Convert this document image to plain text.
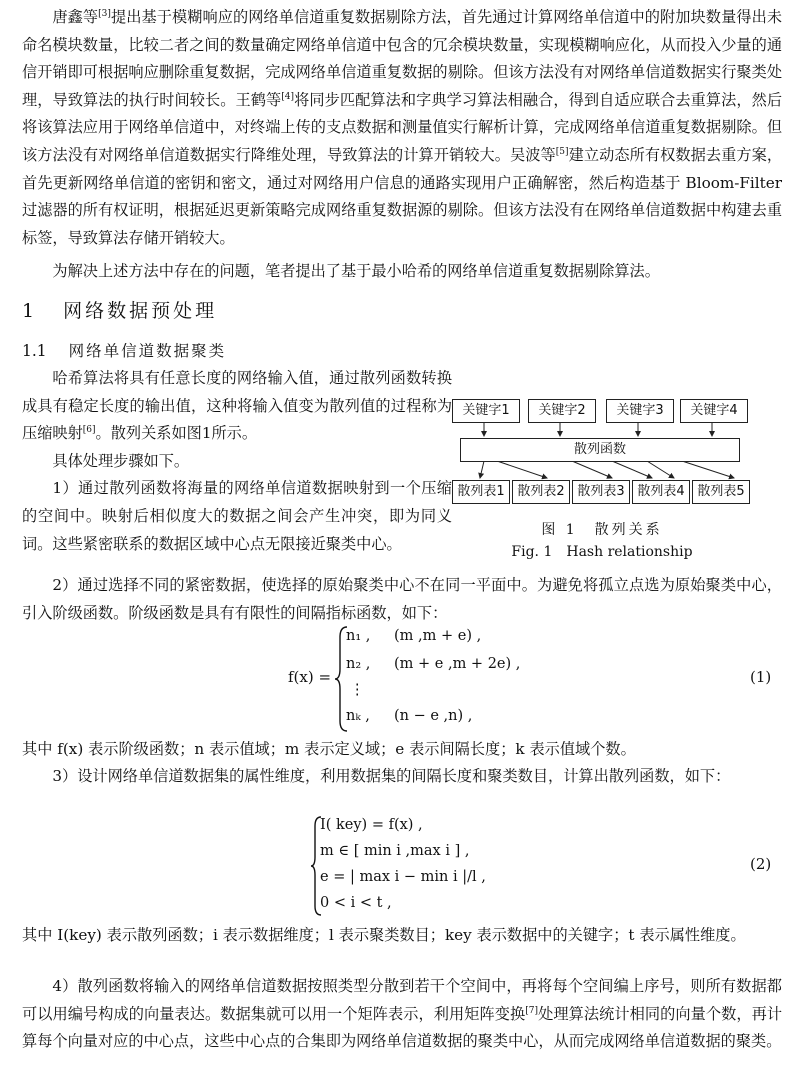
唐鑫等[3]提出基于模糊响应的网络单信道重复数据剔除方法，首先通过计算网络单信道中的附加块数量得出未命名模块数量，比较二者之间的数量确定网络单信道中包含的冗余模块数量，实现模糊响应化，从而投入少量的通信开销即可根据响应删除重复数据，完成网络单信道重复数据的剔除。但该方法没有对网络单信道数据实行聚类处理，导致算法的执行时间较长。王鹤等[4]将同步匹配算法和字典学习算法相融合，得到自适应联合去重算法，然后将该算法应用于网络单信道中，对终端上传的支点数据和测量值实行解析计算，完成网络单信道重复数据剔除。但该方法没有对网络单信道数据实行降维处理，导致算法的计算开销较大。吴波等[5]建立动态所有权数据去重方案，首先更新网络单信道的密钥和密文，通过对网络用户信息的通路实现用户正确解密，然后构造基于 Bloom-Filter 过滤器的所有权证明，根据延迟更新策略完成网络重复数据源的剔除。但该方法没有在网络单信道数据中构建去重标签，导致算法存储开销较大。
为解决上述方法中存在的问题，笔者提出了基于最小哈希的网络单信道重复数据剔除算法。
1 网络数据预处理
1.1 网络单信道数据聚类
哈希算法将具有任意长度的网络输入值，通过散列函数转换成具有稳定长度的输出值，这种将输入值变为散列值的过程称为压缩映射[6]。散列关系如图1所示。
具体处理步骤如下。
1）通过散列函数将海量的网络单信道数据映射到一个压缩的空间中。映射后相似度大的数据之间会产生冲突，即为同义词。这些紧密联系的数据区域中心点无限接近聚类中心。
关键字1	关键字2	关键字3	关键字4
散列函数
散列表1 散列表2 散列表3 散列表4 散列表5
图 1　散列关系
Fig. 1　Hash relationship
2）通过选择不同的紧密数据，使选择的原始聚类中心不在同一平面中。为避免将孤立点选为原始聚类中心，引入阶级函数。阶级函数是具有有限性的间隔指标函数，如下：
f(x) =
n₁ , (m ,m + e) ,
n₂ , (m + e ,m + 2e) ,
⋮
nₖ , (n − e ,n) ,
(1)
其中 f(x) 表示阶级函数；n 表示值域；m 表示定义域；e 表示间隔长度；k 表示值域个数。
3）设计网络单信道数据集的属性维度，利用数据集的间隔长度和聚类数目，计算出散列函数，如下：
I( key) = f(x) ,
m ∈ [ min i ,max i ] ,
e = | max i − min i |/l ,
0 < i < t ,
(2)
其中 I(key) 表示散列函数；i 表示数据维度；l 表示聚类数目；key 表示数据中的关键字；t 表示属性维度。
4）散列函数将输入的网络单信道数据按照类型分散到若干个空间中，再将每个空间编上序号，则所有数据都可以用编号构成的向量表达。数据集就可以用一个矩阵表示，利用矩阵变换[7]处理算法统计相同的向量个数，再计算每个向量对应的中心点，这些中心点的合集即为网络单信道数据的聚类中心，从而完成网络单信道数据的聚类。
